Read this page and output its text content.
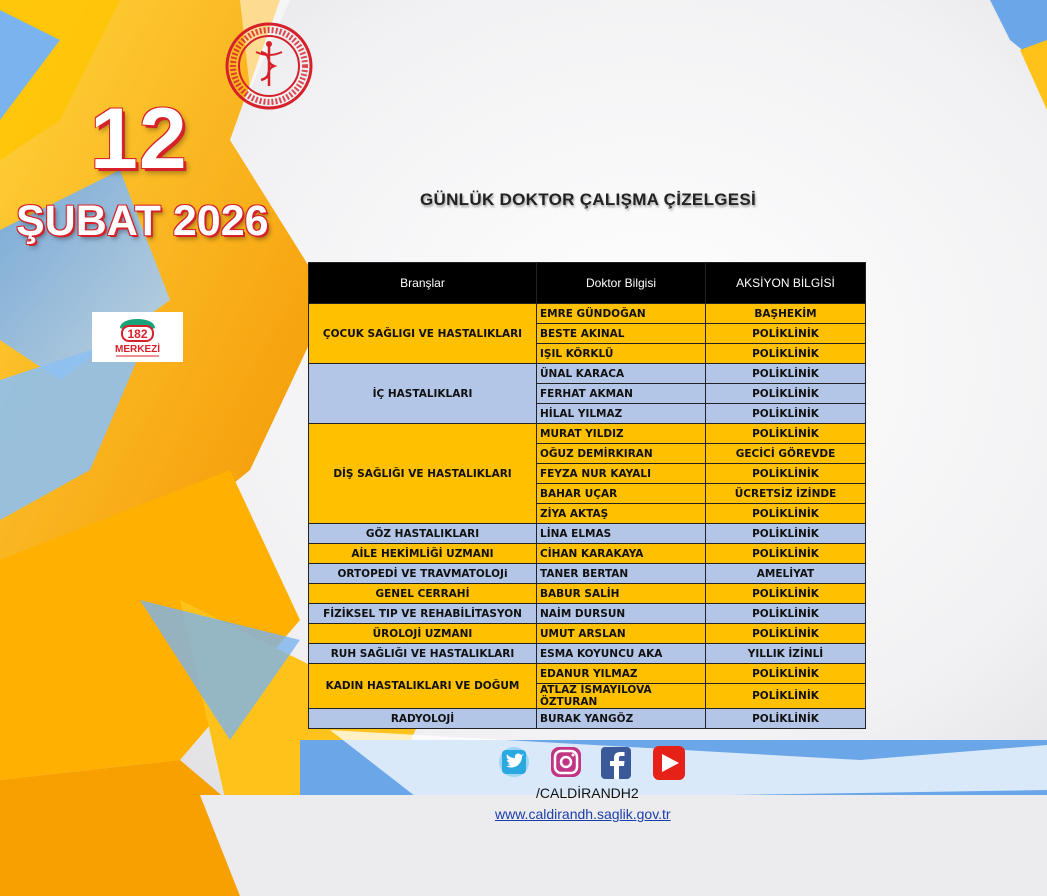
12
ŞUBAT 2026
182
MERKEZİ
GÜNLÜK DOKTOR ÇALIŞMA ÇİZELGESİ
Branşlar	Doktor Bilgisi	AKSİYON BİLGİSİ
ÇOCUK SAĞLIGI VE HASTALIKLARI	EMRE GÜNDOĞAN	BAŞHEKİM
	BESTE AKINAL	POLİKLİNİK
	IŞIL KÖRKLÜ	POLİKLİNİK
İÇ HASTALIKLARI	ÜNAL KARACA	POLİKLİNİK
	FERHAT AKMAN	POLİKLİNİK
	HİLAL YILMAZ	POLİKLİNİK
DİŞ SAĞLIĞI VE HASTALIKLARI	MURAT YILDIZ	POLİKLİNİK
	OĞUZ DEMİRKIRAN	GECİCİ GÖREVDE
	FEYZA NUR KAYALI	POLİKLİNİK
	BAHAR UÇAR	ÜCRETSİZ İZİNDE
	ZİYA AKTAŞ	POLİKLİNİK
GÖZ HASTALIKLARI	LİNA ELMAS	POLİKLİNİK
AİLE HEKİMLİĞİ UZMANI	CİHAN KARAKAYA	POLİKLİNİK
ORTOPEDİ VE TRAVMATOLOJi	TANER BERTAN	AMELİYAT
GENEL CERRAHİ	BABUR SALİH	POLİKLİNİK
FİZİKSEL TIP VE REHABİLİTASYON	NAİM DURSUN	POLİKLİNİK
ÜROLOJİ UZMANI	UMUT ARSLAN	POLİKLİNİK
RUH SAĞLIĞI VE HASTALIKLARI	ESMA KOYUNCU AKA	YILLIK İZİNLİ
KADIN HASTALIKLARI VE DOĞUM	EDANUR YILMAZ	POLİKLİNİK
	ATLAZ İSMAYILOVA ÖZTURAN	POLİKLİNİK
RADYOLOJİ	BURAK YANGÖZ	POLİKLİNİK
/CALDİRANDH2
www.caldirandh.saglik.gov.tr
